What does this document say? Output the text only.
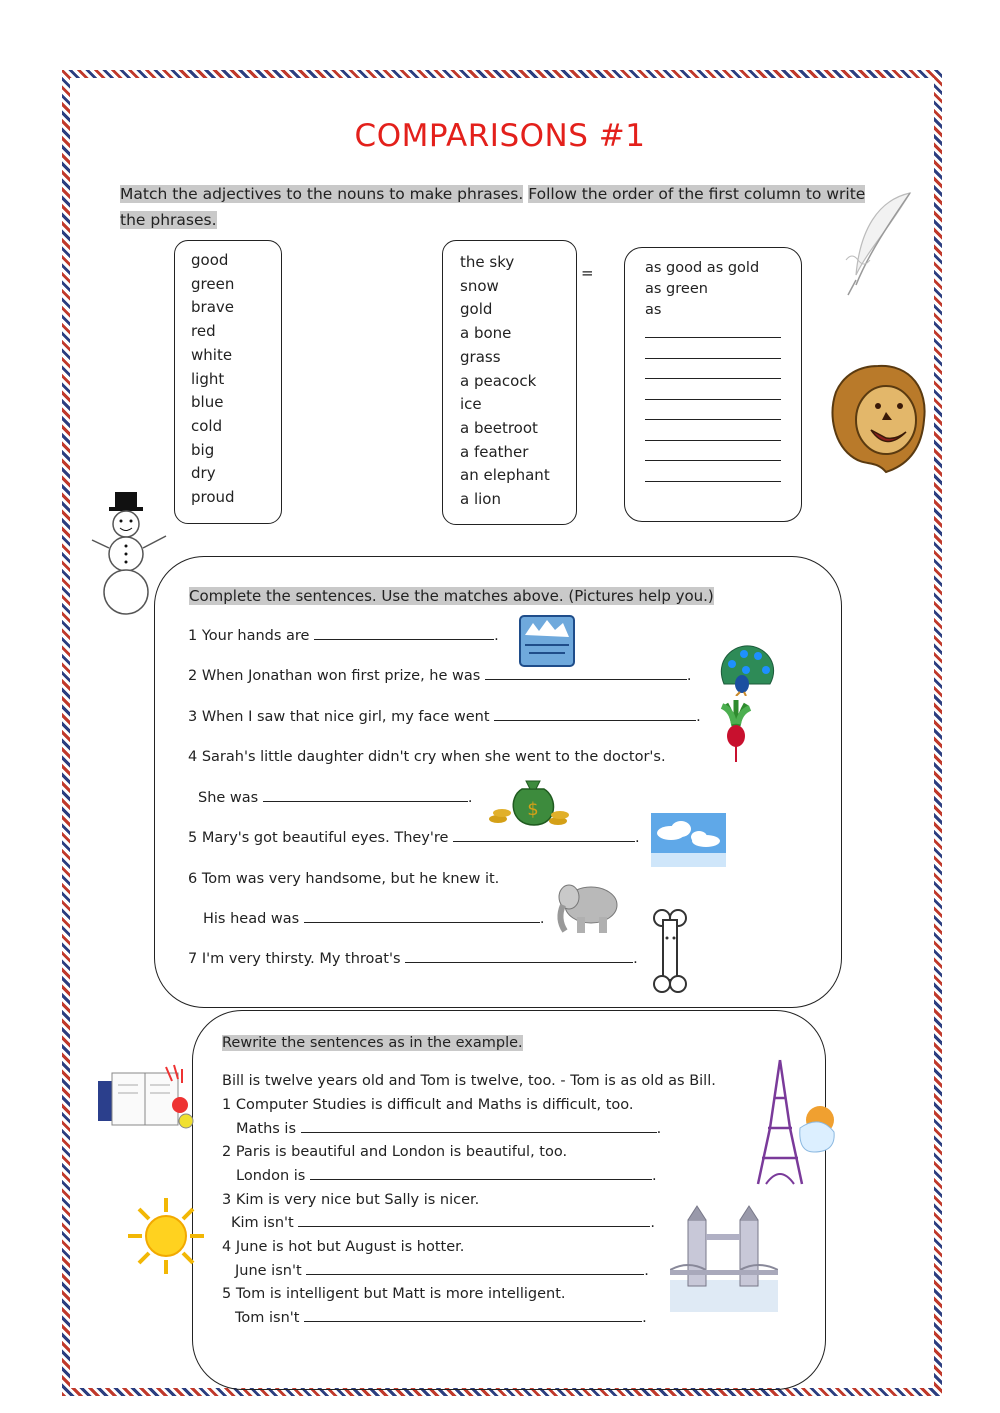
COMPARISONS #1
Match the adjectives to the nouns to make phrases. Follow the order of the first column to write the phrases.
good
green
brave
red
white
light
blue
cold
big
dry
proud
the sky
snow
gold
a bone
grass
a peacock
ice
a beetroot
a feather
an elephant
a lion
=	as good as gold
as green
as
Complete the sentences. Use the matches above. (Pictures help you.)
1 Your hands are	.
2 When Jonathan won first prize, he was	.
3 When I saw that nice girl, my face went	.
4 Sarah's little daughter didn't cry when she went to the doctor's.
She was	.
5 Mary's got beautiful eyes. They're	.
6 Tom was very handsome, but he knew it.
His head was	.
7 I'm very thirsty. My throat's	.
Rewrite the sentences as in the example.
Bill is twelve years old and Tom is twelve, too. - Tom is as old as Bill.
1 Computer Studies is difficult and Maths is difficult, too.
Maths is	.
2 Paris is beautiful and London is beautiful, too.
London is	.
3 Kim is very nice but Sally is nicer.
Kim isn't	.
4 June is hot but August is hotter.
June isn't	.
5 Tom is intelligent but Matt is more intelligent.
Tom isn't	.
$
